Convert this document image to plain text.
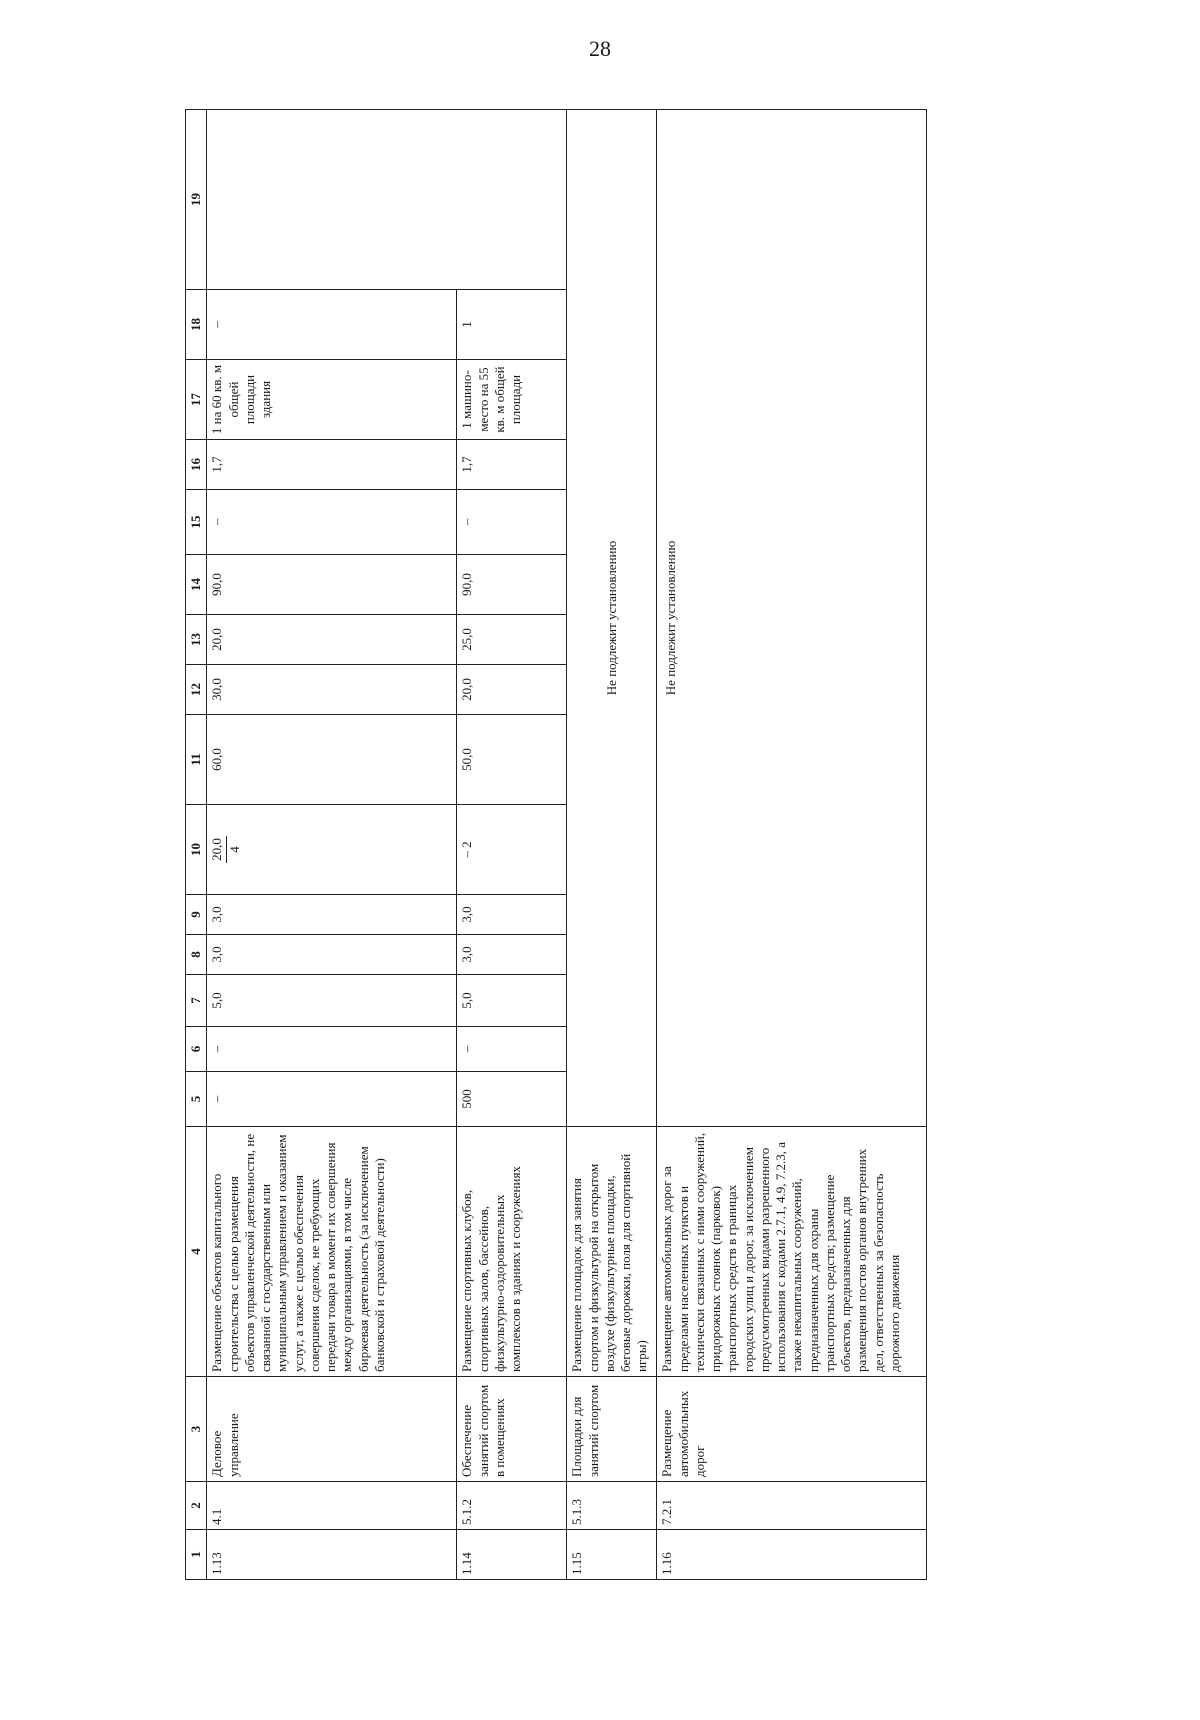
28
1	2	3	4	5	6	7	8	9	10	11	12	13	14	15	16	17	18	19
1.13	4.1	Деловое управление	Размещение объектов капитального строительства с целью размещения объектов управленческой деятельности, не связанной с государственным или муниципальным управлением и оказанием услуг, а также с целью обеспечения совершения сделок, не требующих передачи товара в момент их совершения между организациями, в том числе биржевая деятельность (за исключением банковской и страховой деятельности)	–	–	5,0	3,0	3,0	20,0 4	60,0	30,0	20,0	90,0	–	1,7	1 на 60 кв. м общей площади здания	–	
1.14	5.1.2	Обеспечение занятий спортом в помещениях	Размещение спортивных клубов, спортивных залов, бассейнов, физкультурно-оздоровительных комплексов в зданиях и сооружениях	500	–	5,0	3,0	3,0	– 2	50,0	20,0	25,0	90,0	–	1,7	1 машино-место на 55 кв. м общей площади	1	
1.15	5.1.3	Площадки для занятий спортом	Размещение площадок для занятия спортом и физкультурой на открытом воздухе (физкультурные площадки, беговые дорожки, поля для спортивной игры)	Не подлежит установлению														
1.16	7.2.1	Размещение автомобильных дорог	Размещение автомобильных дорог за пределами населенных пунктов и технически связанных с ними сооружений, придорожных стоянок (парковок) транспортных средств в границах городских улиц и дорог, за исключением предусмотренных видами разрешенного использования с кодами 2.7.1, 4.9, 7.2.3, а также некапитальных сооружений, предназначенных для охраны транспортных средств; размещение объектов, предназначенных для размещения постов органов внутренних дел, ответственных за безопасность дорожного движения	Не подлежит установлению														
